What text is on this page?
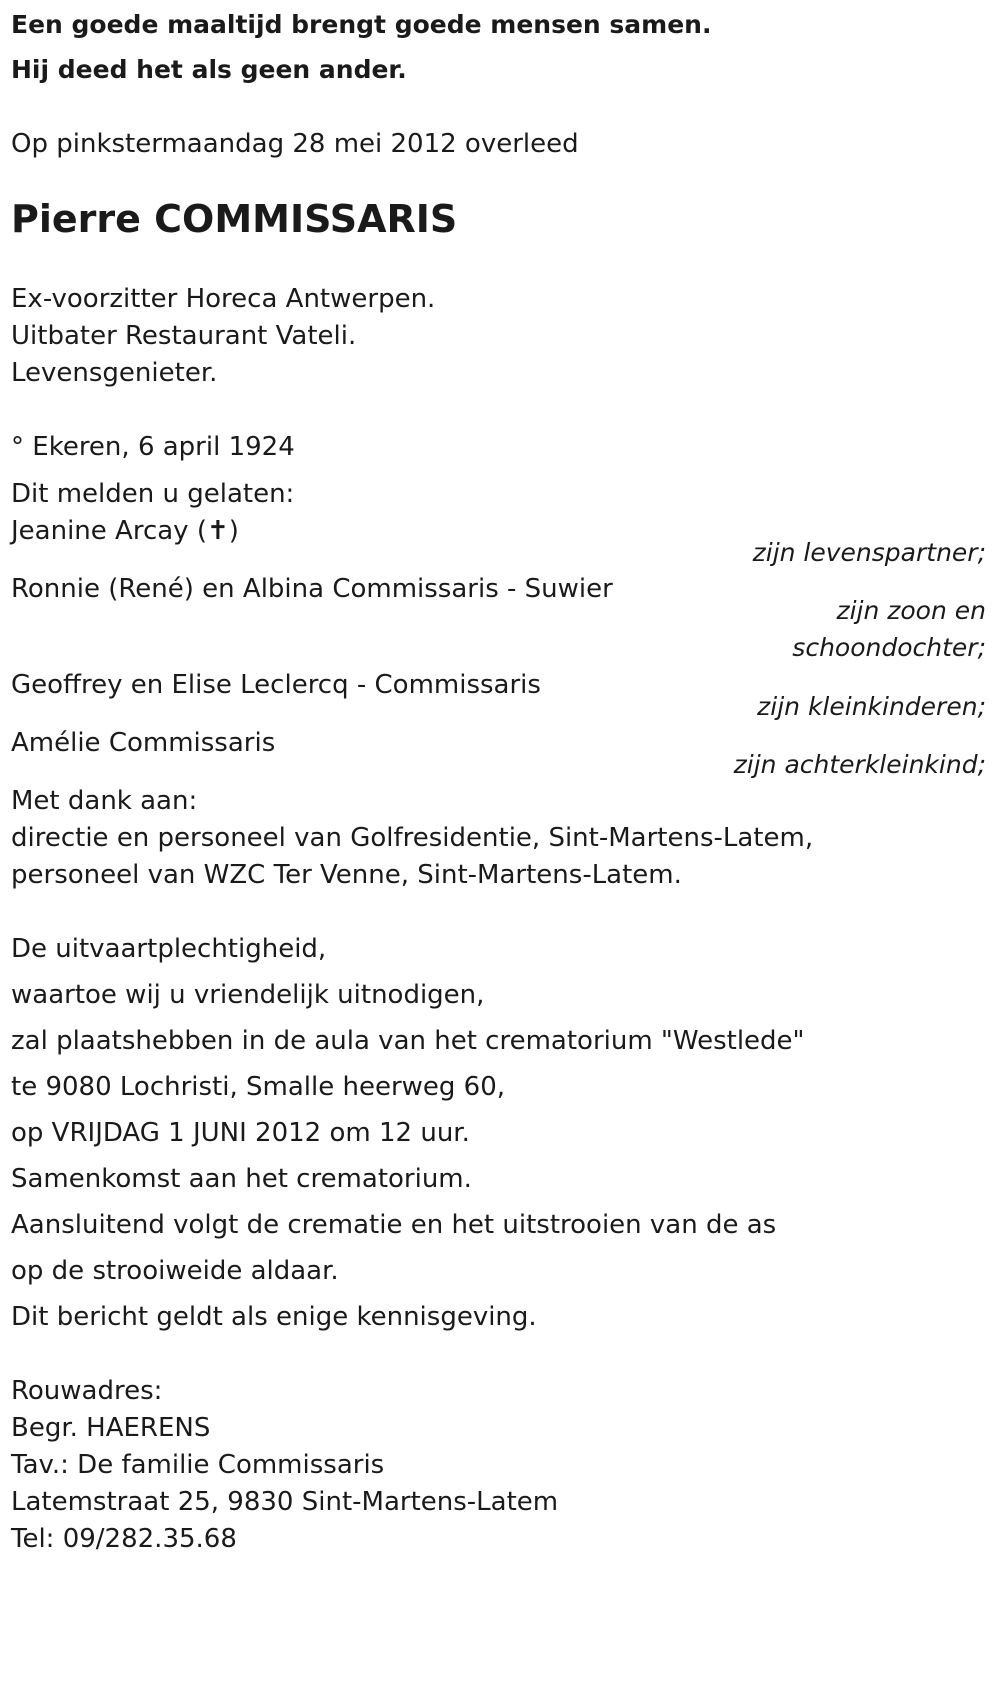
Een goede maaltijd brengt goede mensen samen.

Hij deed het als geen ander.

Op pinkstermaandag 28 mei 2012 overleed

Pierre COMMISSARIS

Ex-voorzitter Horeca Antwerpen.

Uitbater Restaurant Vateli.

Levensgenieter.

° Ekeren, 6 april 1924

Dit melden u gelaten:

Jeanine Arcay (✝)

zijn levenspartner;

Ronnie (René) en Albina Commissaris - Suwier

zijn zoon en
schoondochter;

Geoffrey en Elise Leclercq - Commissaris

zijn kleinkinderen;

Amélie Commissaris

zijn achterkleinkind;

Met dank aan:

directie en personeel van Golfresidentie, Sint-Martens-Latem,

personeel van WZC Ter Venne, Sint-Martens-Latem.

De uitvaartplechtigheid,

waartoe wij u vriendelijk uitnodigen,

zal plaatshebben in de aula van het crematorium "Westlede"

te 9080 Lochristi, Smalle heerweg 60,

op VRIJDAG 1 JUNI 2012 om 12 uur.

Samenkomst aan het crematorium.

Aansluitend volgt de crematie en het uitstrooien van de as

op de strooiweide aldaar.

Dit bericht geldt als enige kennisgeving.

Rouwadres:

Begr. HAERENS

Tav.: De familie Commissaris

Latemstraat 25, 9830 Sint-Martens-Latem

Tel: 09/282.35.68
